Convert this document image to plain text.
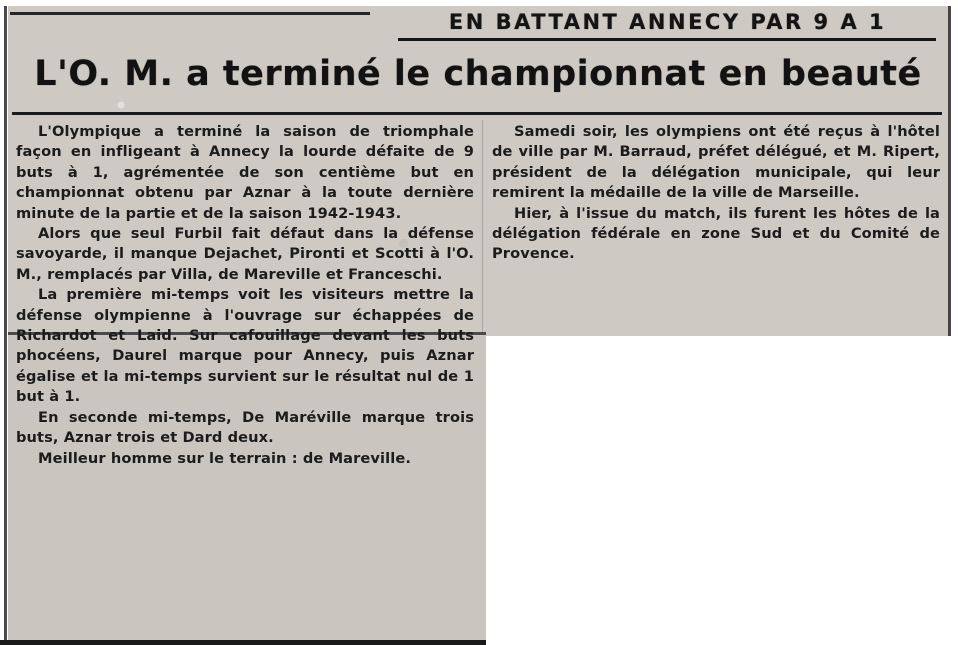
EN BATTANT ANNECY PAR 9 A 1
L'O. M. a terminé le championnat en beauté

L'Olympique a terminé la saison de triomphale façon en infligeant à Annecy la lourde défaite de 9 buts à 1, agrémentée de son centième but en championnat obtenu par Aznar à la toute dernière minute de la partie et de la saison 1942-1943.

Alors que seul Furbil fait défaut dans la défense savoyarde, il manque Dejachet, Pironti et Scotti à l'O. M., remplacés par Villa, de Mareville et Franceschi.

La première mi-temps voit les visiteurs mettre la défense olympienne à l'ouvrage sur échappées de Richardot et Laid. Sur cafouillage devant les buts phocéens, Daurel marque pour Annecy, puis Aznar égalise et la mi-temps survient sur le résultat nul de 1 but à 1.

En seconde mi-temps, De Maréville marque trois buts, Aznar trois et Dard deux.

Meilleur homme sur le terrain : de Mareville.

Samedi soir, les olympiens ont été reçus à l'hôtel de ville par M. Barraud, préfet délégué, et M. Ripert, président de la délégation municipale, qui leur remirent la médaille de la ville de Marseille.

Hier, à l'issue du match, ils furent les hôtes de la délégation fédérale en zone Sud et du Comité de Provence.
